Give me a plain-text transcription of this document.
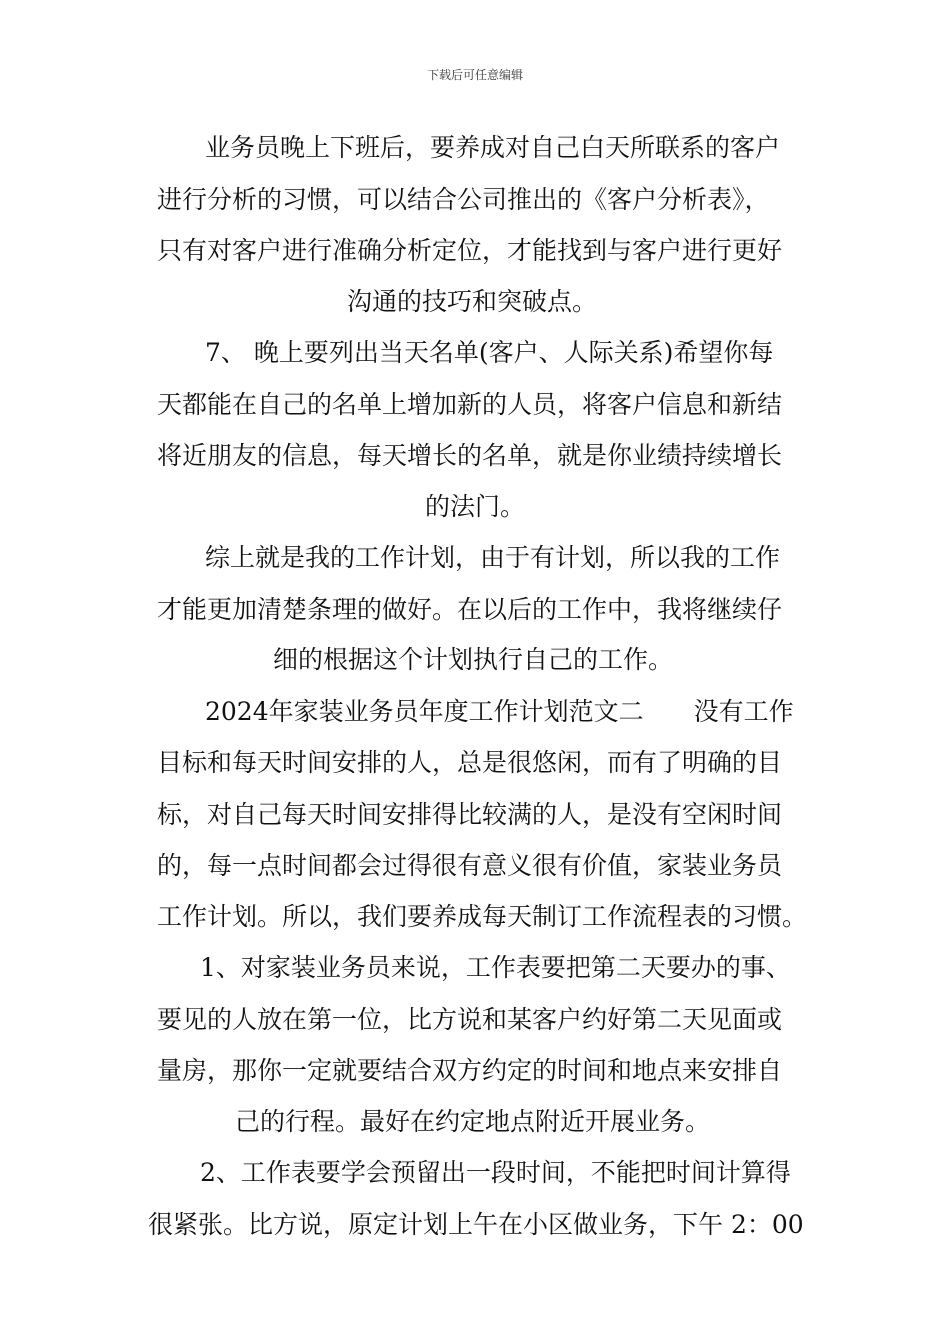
下载后可任意编辑
业务员晚上下班后，要养成对自己白天所联系的客户
进行分析的习惯，可以结合公司推出的《客户分析表》，
只有对客户进行准确分析定位，才能找到与客户进行更好
沟通的技巧和突破点。
7、 晚上要列出当天名单(客户、人际关系)希望你每
天都能在自己的名单上增加新的人员，将客户信息和新结
将近朋友的信息，每天增长的名单，就是你业绩持续增长
的法门。
综上就是我的工作计划，由于有计划，所以我的工作
才能更加清楚条理的做好。在以后的工作中，我将继续仔
细的根据这个计划执行自己的工作。
2024年家装业务员年度工作计划范文二　　没有工作
目标和每天时间安排的人，总是很悠闲，而有了明确的目
标，对自己每天时间安排得比较满的人，是没有空闲时间
的，每一点时间都会过得很有意义很有价值，家装业务员
工作计划。所以，我们要养成每天制订工作流程表的习惯。
1、对家装业务员来说，工作表要把第二天要办的事、
要见的人放在第一位，比方说和某客户约好第二天见面或
量房，那你一定就要结合双方约定的时间和地点来安排自
己的行程。最好在约定地点附近开展业务。
2、工作表要学会预留出一段时间，不能把时间计算得
很紧张。比方说，原定计划上午在小区做业务，下午 2：00
